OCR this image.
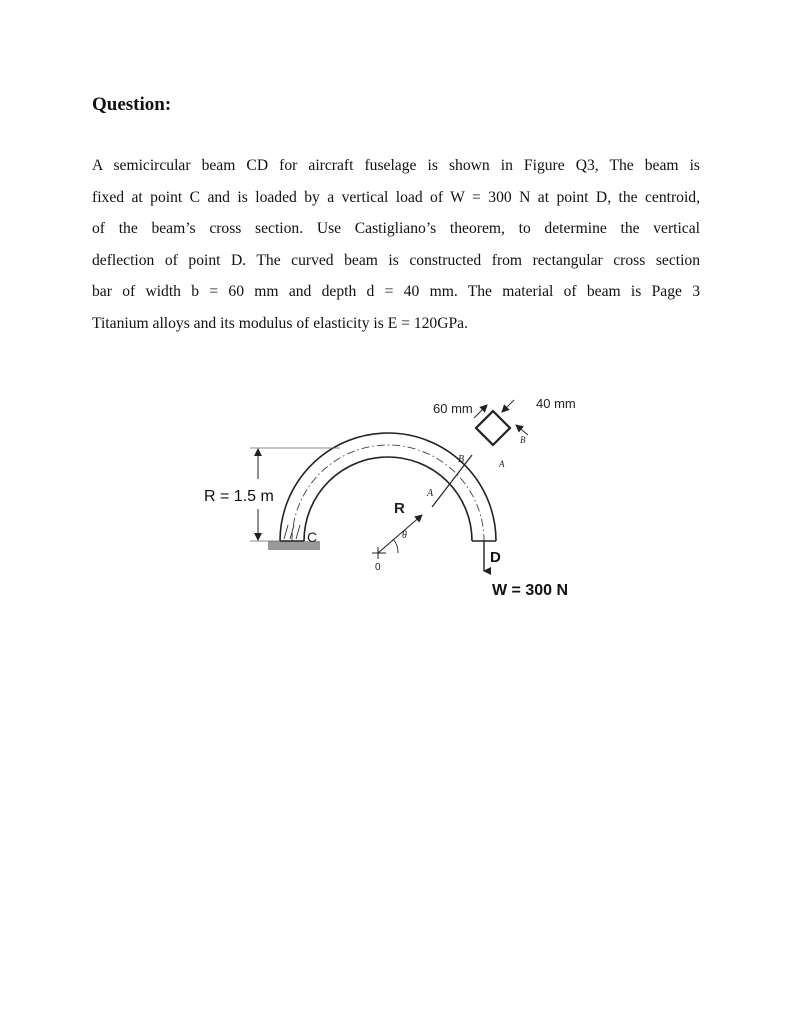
Question:
A semicircular beam CD for aircraft fuselage is shown in Figure Q3, The beam is
fixed at point C and is loaded by a vertical load of W = 300 N at point D, the centroid,
of the beam’s cross section. Use Castigliano’s theorem, to determine the vertical
deflection of point D. The curved beam is constructed from rectangular cross section
bar of width b = 60 mm and depth d = 40 mm. The material of beam is Page 3
Titanium alloys and its modulus of elasticity is E = 120GPa.
60 mm	40 mm
B
A
B
A
R = 1.5 m
R
θ
0
C
D
W = 300 N
